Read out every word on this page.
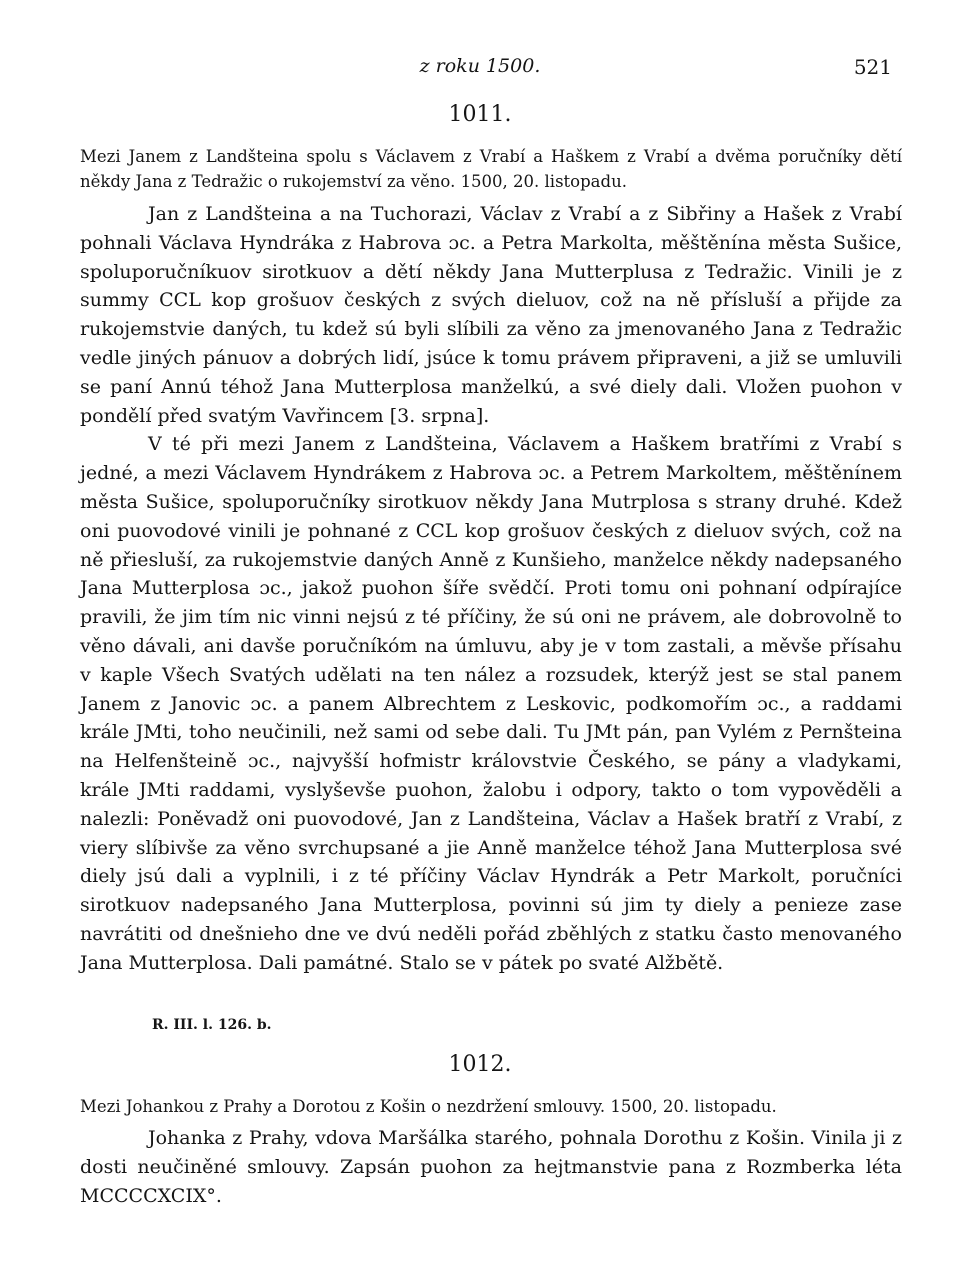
z roku 1500.	521
1011.
Mezi Janem z Landšteina spolu s Václavem z Vrabí a Haškem z Vrabí a dvěma poručníky dětí někdy Jana z Tedražic o rukojemství za věno. 1500, 20. listopadu.

Jan z Landšteina a na Tuchorazi, Václav z Vrabí a z Sibřiny a Hašek z Vrabí pohnali Václava Hyndráka z Habrova ɔc. a Petra Markolta, měštěnína města Sušice, spoluporučníkuov sirotkuov a dětí někdy Jana Mutterplusa z Tedražic. Vinili je z summy CCL kop grošuov českých z svých dieluov, což na ně přísluší a přijde za rukojemstvie daných, tu kdež sú byli slíbili za věno za jmenovaného Jana z Tedražic vedle jiných pánuov a dobrých lidí, jsúce k tomu právem připraveni, a již se umluvili se paní Annú téhož Jana Mutterplosa manželkú, a své diely dali. Vložen puohon v pondělí před svatým Vavřincem [3. srpna].

V té při mezi Janem z Landšteina, Václavem a Haškem bratřími z Vrabí s jedné, a mezi Václavem Hyndrákem z Habrova ɔc. a Petrem Markoltem, měštěnínem města Sušice, spoluporučníky sirotkuov někdy Jana Mutrplosa s strany druhé. Kdež oni puovodové vinili je pohnané z CCL kop grošuov českých z dieluov svých, což na ně přiesluší, za rukojemstvie daných Anně z Kunšieho, manželce někdy nadepsaného Jana Mutterplosa ɔc., jakož puohon šíře svědčí. Proti tomu oni pohnaní odpírajíce pravili, že jim tím nic vinni nejsú z té příčiny, že sú oni ne právem, ale dobrovolně to věno dávali, ani davše poručníkóm na úmluvu, aby je v tom zastali, a měvše přísahu v kaple Všech Svatých udělati na ten nález a rozsudek, kterýž jest se stal panem Janem z Janovic ɔc. a panem Albrechtem z Leskovic, podkomořím ɔc., a raddami krále JMti, toho neučinili, než sami od sebe dali. Tu JMt pán, pan Vylém z Pernšteina na Helfenšteině ɔc., najvyšší hofmistr královstvie Českého, se pány a vladykami, krále JMti raddami, vyslyševše puohon, žalobu i odpory, takto o tom vypověděli a nalezli: Poněvadž oni puovodové, Jan z Landšteina, Václav a Hašek bratří z Vrabí, z viery slíbivše za věno svrchupsané a jie Anně manželce téhož Jana Mutterplosa své diely jsú dali a vyplnili, i z té příčiny Václav Hyndrák a Petr Markolt, poručníci sirotkuov nadepsaného Jana Mutterplosa, povinni sú jim ty diely a penieze zase navrátiti od dnešnieho dne ve dvú neděli pořád zběhlých z statku často menovaného Jana Mutterplosa. Dali památné. Stalo se v pátek po svaté Alžbětě.

R. III. l. 126. b.
1012.
Mezi Johankou z Prahy a Dorotou z Košin o nezdržení smlouvy. 1500, 20. listopadu.

Johanka z Prahy, vdova Maršálka starého, pohnala Dorothu z Košin. Vinila ji z dosti neučiněné smlouvy. Zapsán puohon za hejtmanstvie pana z Rozmberka léta MCCCCXCIX°.
